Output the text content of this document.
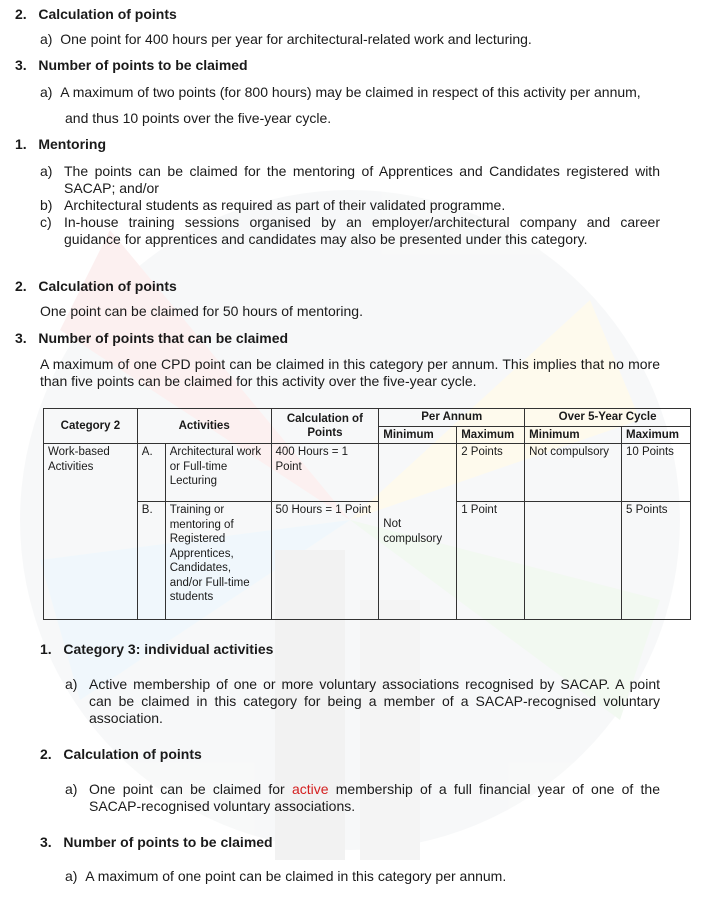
2. Calculation of points
a) One point for 400 hours per year for architectural-related work and lecturing.
3. Number of points to be claimed
a) A maximum of two points (for 800 hours) may be claimed in respect of this activity per annum,
and thus 10 points over the five-year cycle.
1. Mentoring
a) The points can be claimed for the mentoring of Apprentices and Candidates registered with SACAP; and/or
b) Architectural students as required as part of their validated programme.
c) In-house training sessions organised by an employer/architectural company and career guidance for apprentices and candidates may also be presented under this category.
2. Calculation of points
One point can be claimed for 50 hours of mentoring.
3. Number of points that can be claimed
A maximum of one CPD point can be claimed in this category per annum. This implies that no more than five points can be claimed for this activity over the five-year cycle.
Category 2	Activities		Calculation of Points	Per Annum		Over 5-Year Cycle	
				Minimum	Maximum	Minimum	Maximum
Work-based Activities	A.	Architectural work or Full-time Lecturing	400 Hours = 1 Point	Not compulsory	2 Points	Not compulsory	10 Points
	B.	Training or mentoring of Registered Apprentices, Candidates, and/or Full-time students	50 Hours = 1 Point		1 Point		5 Points
1. Category 3: individual activities
a) Active membership of one or more voluntary associations recognised by SACAP. A point can be claimed in this category for being a member of a SACAP-recognised voluntary association.
2. Calculation of points
a) One point can be claimed for active membership of a full financial year of one of the SACAP-recognised voluntary associations.
3. Number of points to be claimed
a) A maximum of one point can be claimed in this category per annum.
